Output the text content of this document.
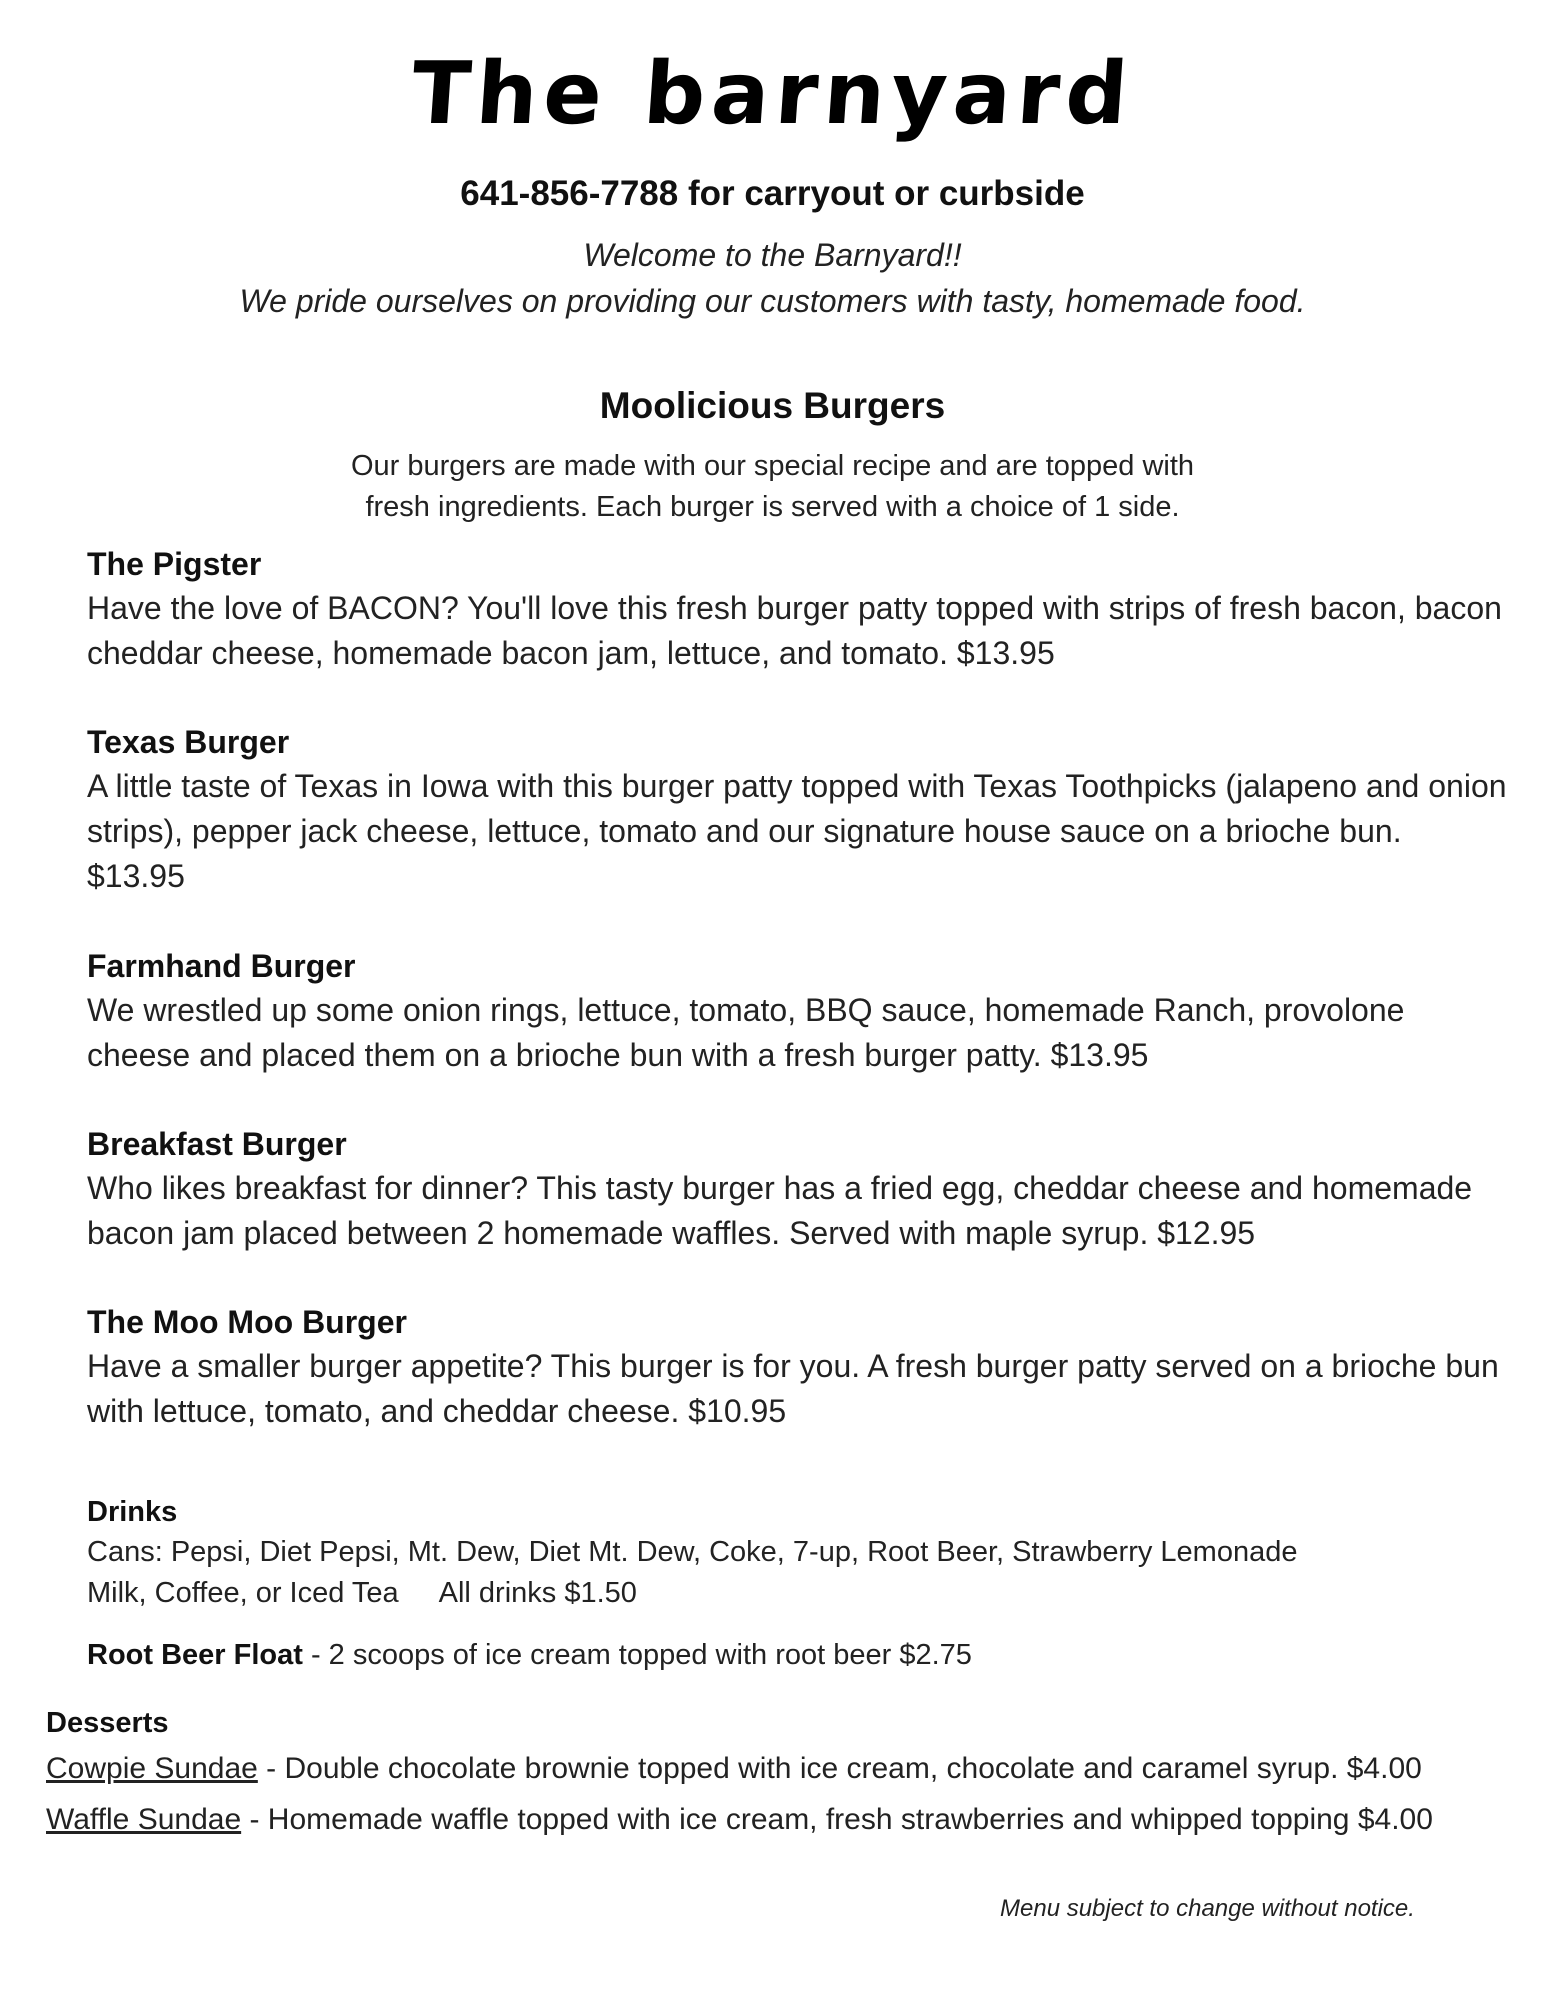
The barnyard
641-856-7788 for carryout or curbside
Welcome to the Barnyard!!
We pride ourselves on providing our customers with tasty, homemade food.
Moolicious Burgers
Our burgers are made with our special recipe and are topped with
fresh ingredients. Each burger is served with a choice of 1 side.
The Pigster
Have the love of BACON? You'll love this fresh burger patty topped with strips of fresh bacon, bacon cheddar cheese, homemade bacon jam, lettuce, and tomato. $13.95
Texas Burger
A little taste of Texas in Iowa with this burger patty topped with Texas Toothpicks (jalapeno and onion strips), pepper jack cheese, lettuce, tomato and our signature house sauce on a brioche bun. $13.95
Farmhand Burger
We wrestled up some onion rings, lettuce, tomato, BBQ sauce, homemade Ranch, provolone cheese and placed them on a brioche bun with a fresh burger patty. $13.95
Breakfast Burger
Who likes breakfast for dinner? This tasty burger has a fried egg, cheddar cheese and homemade bacon jam placed between 2 homemade waffles. Served with maple syrup. $12.95
The Moo Moo Burger
Have a smaller burger appetite? This burger is for you. A fresh burger patty served on a brioche bun with lettuce, tomato, and cheddar cheese. $10.95
Drinks
Cans: Pepsi, Diet Pepsi, Mt. Dew, Diet Mt. Dew, Coke, 7-up, Root Beer, Strawberry Lemonade
Milk, Coffee, or Iced Tea All drinks $1.50
Root Beer Float - 2 scoops of ice cream topped with root beer $2.75
Desserts
Cowpie Sundae - Double chocolate brownie topped with ice cream, chocolate and caramel syrup. $4.00
Waffle Sundae - Homemade waffle topped with ice cream, fresh strawberries and whipped topping $4.00
Menu subject to change without notice.
